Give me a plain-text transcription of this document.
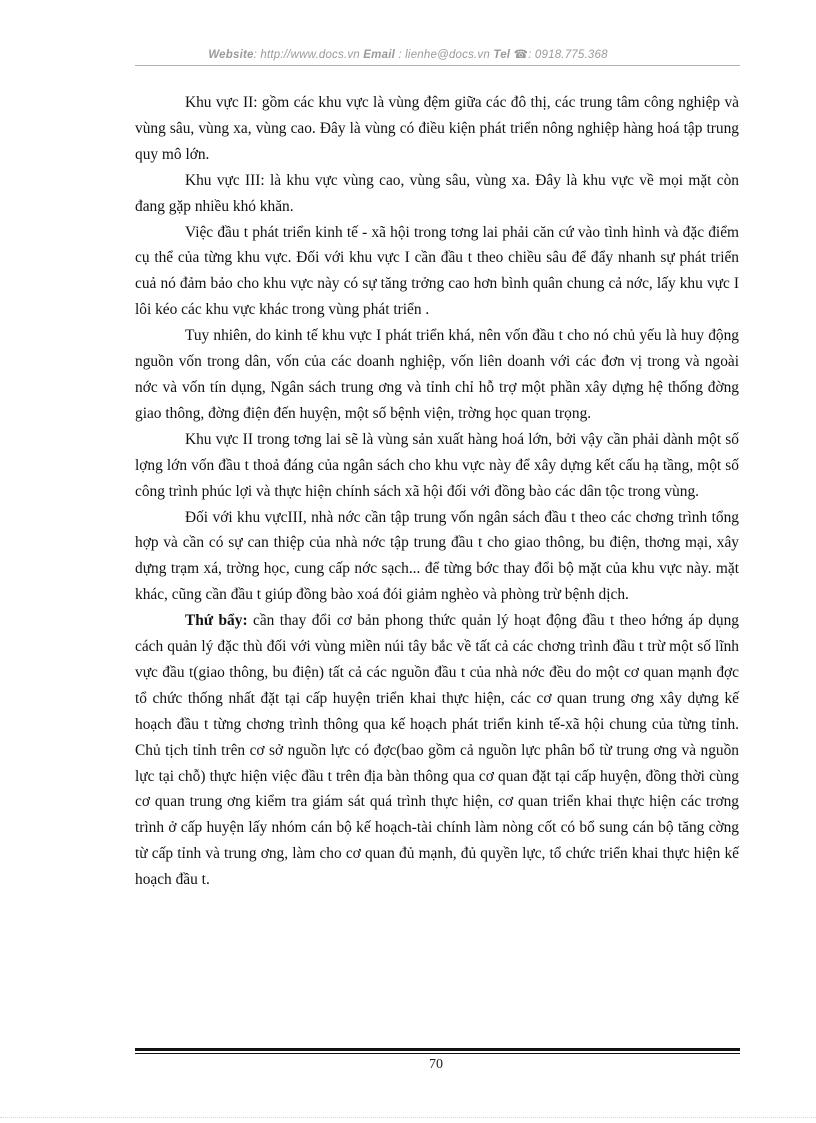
Website: http://www.docs.vn Email : lienhe@docs.vn Tel ☎: 0918.775.368

Khu vực II: gồm các khu vực là vùng đệm giữa các đô thị, các trung tâm công nghiệp và vùng sâu, vùng xa, vùng cao. Đây là vùng có điều kiện phát triển nông nghiệp hàng hoá tập trung quy mô lớn.

Khu vực III: là khu vực vùng cao, vùng sâu, vùng xa. Đây là khu vực về mọi mặt còn đang gặp nhiều khó khăn.

Việc đầu t phát triển kinh tế - xã hội trong tơng lai phải căn cứ vào tình hình và đặc điểm cụ thể của từng khu vực. Đối với khu vực I cần đầu t theo chiều sâu để đẩy nhanh sự phát triển cuả nó đảm bảo cho khu vực này có sự tăng trởng cao hơn bình quân chung cả nớc, lấy khu vực I lôi kéo các khu vực khác trong vùng phát triển .

Tuy nhiên, do kinh tế khu vực I phát triển khá, nên vốn đầu t cho nó chủ yếu là huy động nguồn vốn trong dân, vốn của các doanh nghiệp, vốn liên doanh với các đơn vị trong và ngoài nớc và vốn tín dụng, Ngân sách trung ơng và tỉnh chỉ hỗ trợ một phần xây dựng hệ thống đờng giao thông, đờng điện đến huyện, một số bệnh viện, trờng học quan trọng.

Khu vực II trong tơng lai sẽ là vùng sản xuất hàng hoá lớn, bởi vậy cần phải dành một số lợng lớn vốn đầu t thoả đáng của ngân sách cho khu vực này để xây dựng kết cấu hạ tầng, một số công trình phúc lợi và thực hiện chính sách xã hội đối với đồng bào các dân tộc trong vùng.

Đối với khu vựcIII, nhà nớc cần tập trung vốn ngân sách đầu t theo các chơng trình tổng hợp và cần có sự can thiệp của nhà nớc tập trung đầu t cho giao thông, bu điện, thơng mại, xây dựng trạm xá, trờng học, cung cấp nớc sạch... để từng bớc thay đổi bộ mặt của khu vực này. mặt khác, cũng cần đầu t giúp đồng bào xoá đói giảm nghèo và phòng trừ bệnh dịch.

Thứ bẩy: cần thay đổi cơ bản phong thức quản lý hoạt động đầu t theo hớng áp dụng cách quản lý đặc thù đối với vùng miền núi tây bắc về tất cả các chơng trình đầu t trừ một số lĩnh vực đầu t(giao thông, bu điện) tất cả các nguồn đầu t của nhà nớc đều do một cơ quan mạnh đợc tổ chức thống nhất đặt tại cấp huyện triển khai thực hiện, các cơ quan trung ơng xây dựng kế hoạch đầu t từng chơng trình thông qua kế hoạch phát triển kinh tế-xã hội chung của từng tỉnh. Chủ tịch tỉnh trên cơ sở nguồn lực có đợc(bao gồm cả nguồn lực phân bổ từ trung ơng và nguồn lực tại chỗ) thực hiện việc đầu t trên địa bàn thông qua cơ quan đặt tại cấp huyện, đồng thời cùng cơ quan trung ơng kiểm tra giám sát quá trình thực hiện, cơ quan triển khai thực hiện các trơng trình ở cấp huyện lấy nhóm cán bộ kế hoạch-tài chính làm nòng cốt có bổ sung cán bộ tăng cờng từ cấp tỉnh và trung ơng, làm cho cơ quan đủ mạnh, đủ quyền lực, tổ chức triển khai thực hiện kế hoạch đầu t.

70
